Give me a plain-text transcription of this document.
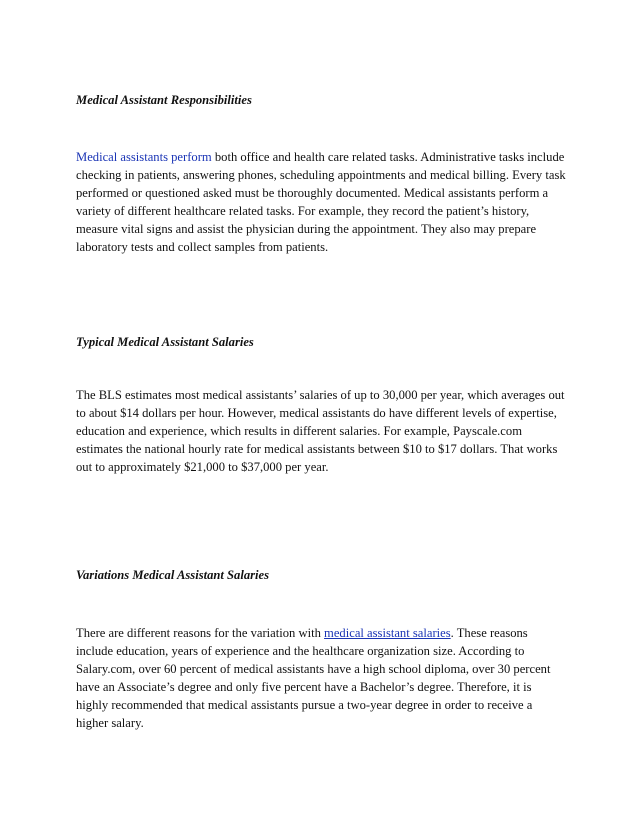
Medical Assistant Responsibilities

Medical assistants perform both office and health care related tasks. Administrative tasks include
checking in patients, answering phones, scheduling appointments and medical billing. Every task
performed or questioned asked must be thoroughly documented. Medical assistants perform a
variety of different healthcare related tasks. For example, they record the patient’s history,
measure vital signs and assist the physician during the appointment. They also may prepare
laboratory tests and collect samples from patients.

Typical Medical Assistant Salaries

The BLS estimates most medical assistants’ salaries of up to 30,000 per year, which averages out
to about $14 dollars per hour. However, medical assistants do have different levels of expertise,
education and experience, which results in different salaries. For example, Payscale.com
estimates the national hourly rate for medical assistants between $10 to $17 dollars. That works
out to approximately $21,000 to $37,000 per year.

Variations Medical Assistant Salaries

There are different reasons for the variation with medical assistant salaries. These reasons
include education, years of experience and the healthcare organization size. According to
Salary.com, over 60 percent of medical assistants have a high school diploma, over 30 percent
have an Associate’s degree and only five percent have a Bachelor’s degree. Therefore, it is
highly recommended that medical assistants pursue a two-year degree in order to receive a
higher salary.
